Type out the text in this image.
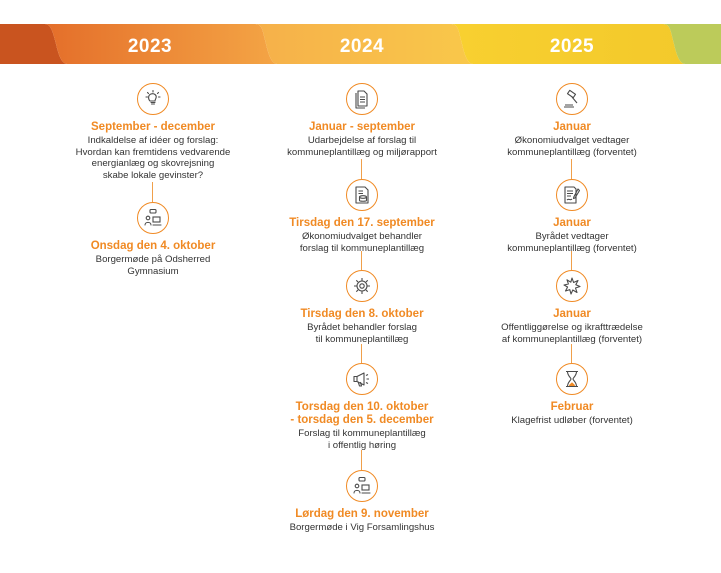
2023	2024	2025
September - december
Indkaldelse af idéer og forslag:
Hvordan kan fremtidens vedvarende
energianlæg og skovrejsning
skabe lokale gevinster?
Onsdag den 4. oktober
Borgermøde på Odsherred
Gymnasium
Januar - september
Udarbejdelse af forslag til
kommuneplantillæg og miljørapport
Tirsdag den 17. september
Økonomiudvalget behandler
forslag til kommuneplantillæg
Tirsdag den 8. oktober
Byrådet behandler forslag
til kommuneplantillæg
Torsdag den 10. oktober
- torsdag den 5. december
Forslag til kommuneplantillæg
i offentlig høring
Lørdag den 9. november
Borgermøde i Vig Forsamlingshus
Januar
Økonomiudvalget vedtager
kommuneplantillæg (forventet)
Januar
Byrådet vedtager
kommuneplantillæg (forventet)
Januar
Offentliggørelse og ikrafttrædelse
af kommuneplantillæg (forventet)
Februar
Klagefrist udløber (forventet)
